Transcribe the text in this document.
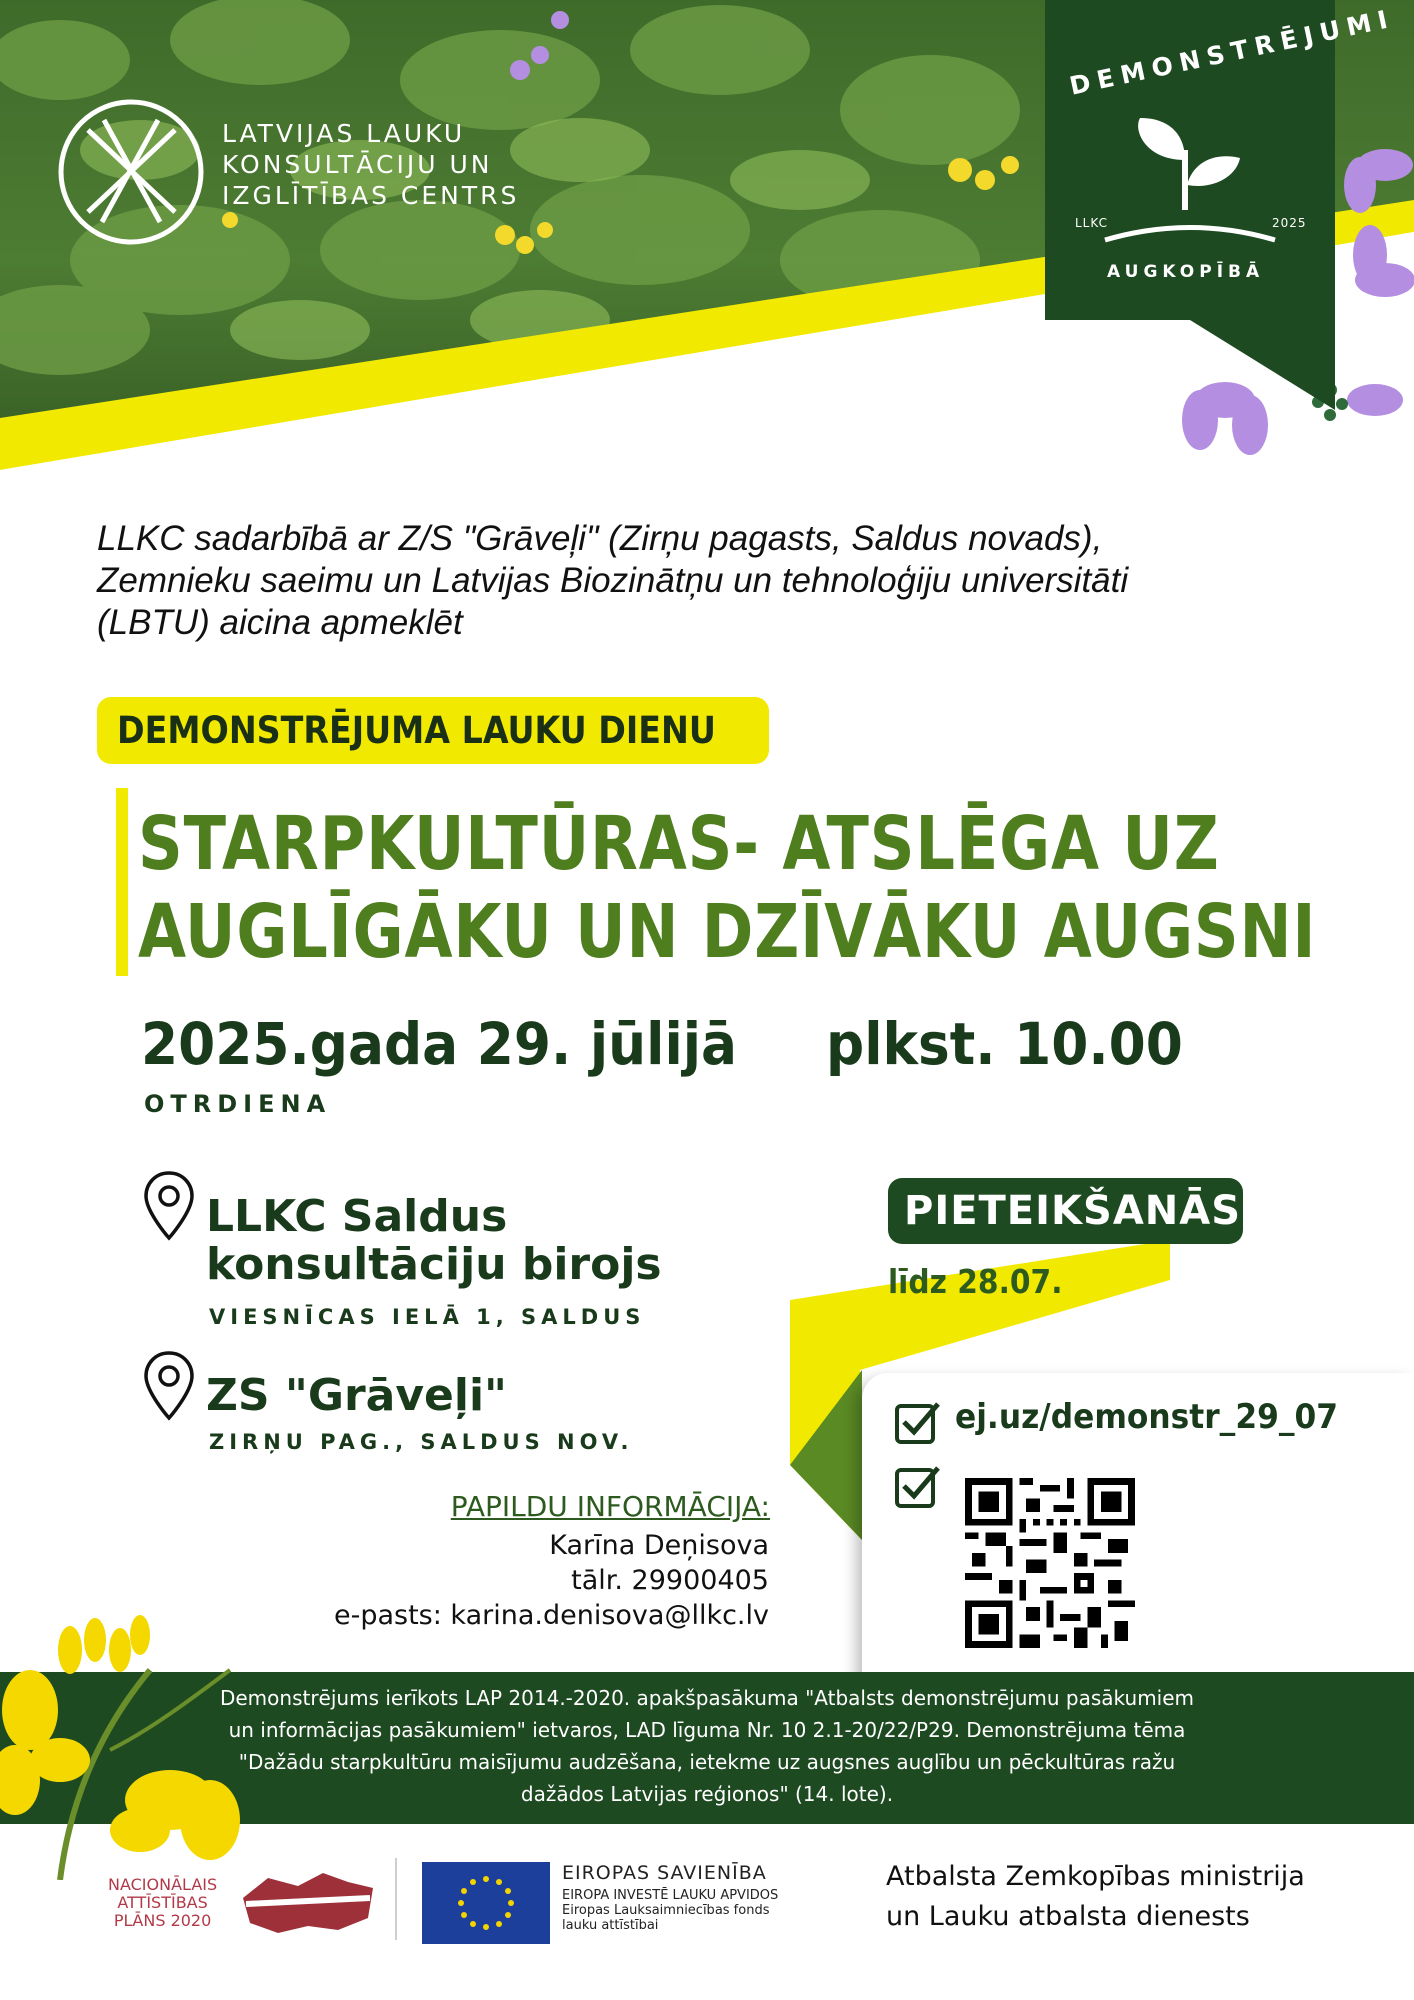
LATVIJAS LAUKU
KONSULTĀCIJU UN
IZGLĪTĪBAS CENTRS
DEMONSTRĒJUMI
LLKC	2025
AUGKOPĪBĀ
LLKC sadarbībā ar Z/S "Grāveļi" (Zirņu pagasts, Saldus novads),
Zemnieku saeimu un Latvijas Biozinātņu un tehnoloģiju universitāti
(LBTU) aicina apmeklēt
DEMONSTRĒJUMA LAUKU DIENU
STARPKULTŪRAS- ATSLĒGA UZ
AUGLĪGĀKU UN DZĪVĀKU AUGSNI
2025.gada 29. jūlijā plkst. 10.00
OTRDIENA
LLKC Saldus
konsultāciju birojs
VIESNĪCAS IELĀ 1, SALDUS
ZS "Grāveļi"
ZIRŅU PAG., SALDUS NOV.
PAPILDU INFORMĀCIJA:
Karīna Deņisova
tālr. 29900405
e-pasts: karina.denisova@llkc.lv
PIETEIKŠANĀS
līdz 28.07.
ej.uz/demonstr_29_07
Demonstrējums ierīkots LAP 2014.-2020. apakšpasākuma "Atbalsts demonstrējumu pasākumiem
un informācijas pasākumiem" ietvaros, LAD līguma Nr. 10 2.1-20/22/P29. Demonstrējuma tēma
"Dažādu starpkultūru maisījumu audzēšana, ietekme uz augsnes auglību un pēckultūras ražu
dažādos Latvijas reģionos" (14. lote).
NACIONĀLAIS
ATTĪSTĪBAS
PLĀNS 2020
EIROPAS SAVIENĪBA
EIROPA INVESTĒ LAUKU APVIDOS
Eiropas Lauksaimniecības fonds
lauku attīstībai
Atbalsta Zemkopības ministrija
un Lauku atbalsta dienests
